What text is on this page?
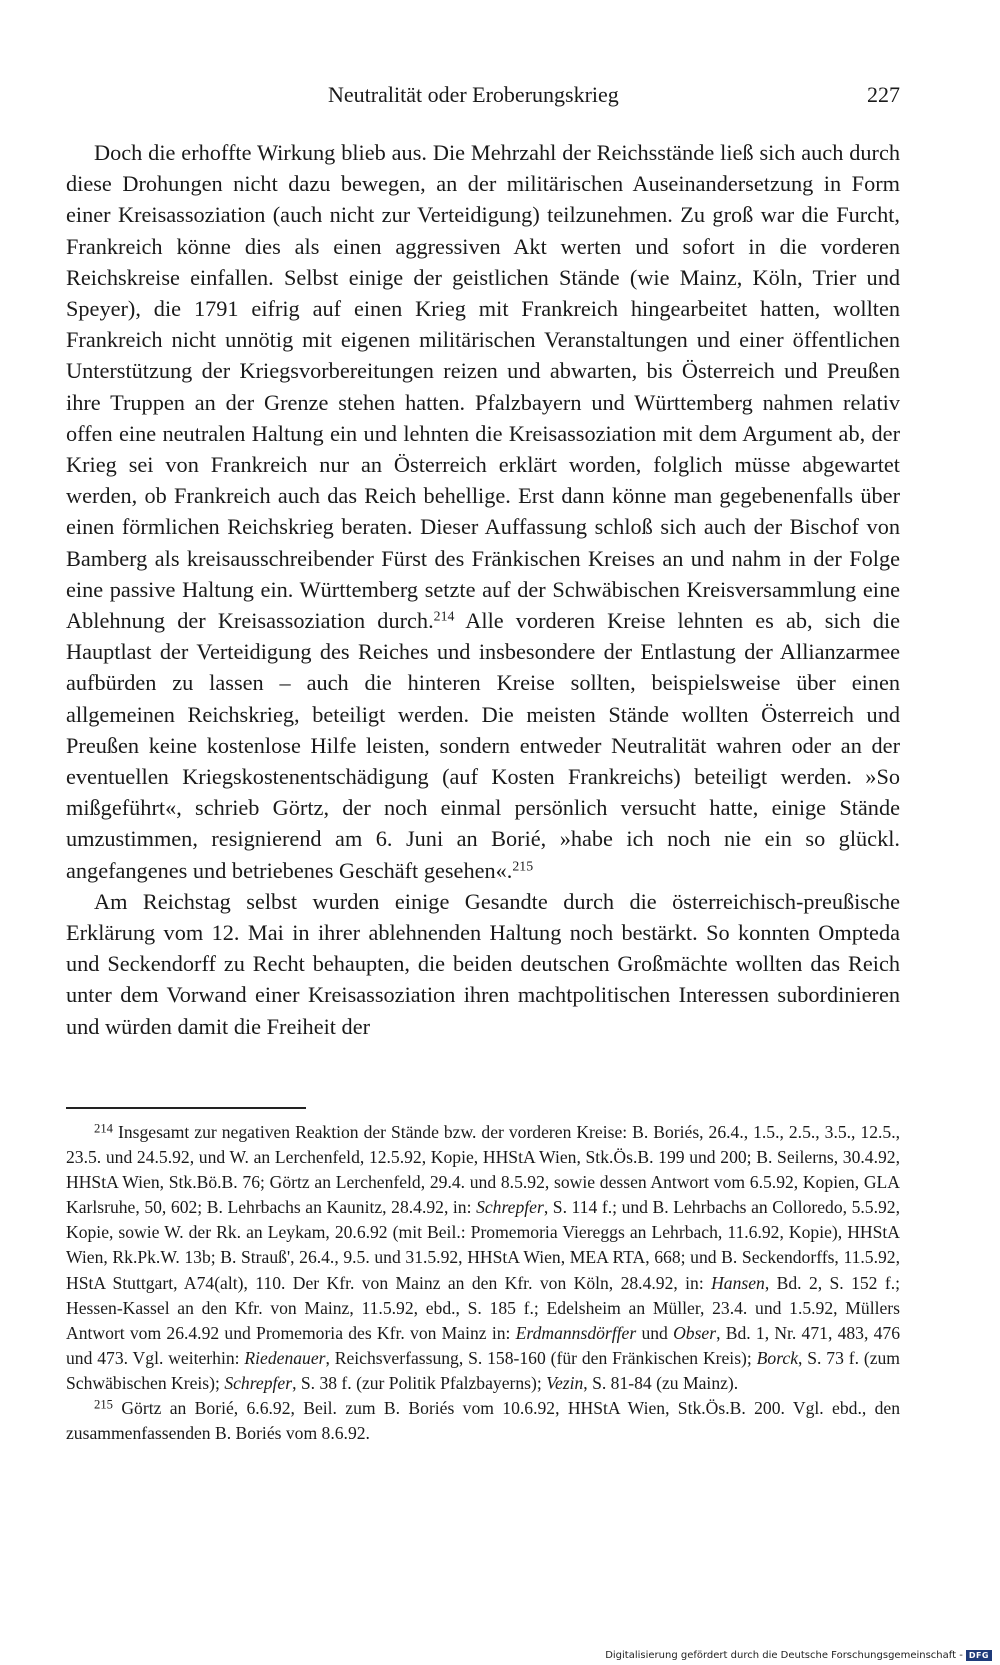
Neutralität oder Eroberungskrieg	227

Doch die erhoffte Wirkung blieb aus. Die Mehrzahl der Reichsstände ließ sich auch durch diese Drohungen nicht dazu bewegen, an der militärischen Auseinandersetzung in Form einer Kreisassoziation (auch nicht zur Verteidigung) teilzunehmen. Zu groß war die Furcht, Frankreich könne dies als einen aggressiven Akt werten und sofort in die vorderen Reichskreise einfallen. Selbst einige der geistlichen Stände (wie Mainz, Köln, Trier und Speyer), die 1791 eifrig auf einen Krieg mit Frankreich hingearbeitet hatten, wollten Frankreich nicht unnötig mit eigenen militärischen Veranstaltungen und einer öffentlichen Unterstützung der Kriegsvorbereitungen reizen und abwarten, bis Österreich und Preußen ihre Truppen an der Grenze stehen hatten. Pfalzbayern und Württemberg nahmen relativ offen eine neutralen Haltung ein und lehnten die Kreisassoziation mit dem Argument ab, der Krieg sei von Frankreich nur an Österreich erklärt worden, folglich müsse abgewartet werden, ob Frankreich auch das Reich behellige. Erst dann könne man gegebenenfalls über einen förmlichen Reichskrieg beraten. Dieser Auffassung schloß sich auch der Bischof von Bamberg als kreisausschreibender Fürst des Fränkischen Kreises an und nahm in der Folge eine passive Haltung ein. Württemberg setzte auf der Schwäbischen Kreisversammlung eine Ablehnung der Kreisassoziation durch.$^{214}$ Alle vorderen Kreise lehnten es ab, sich die Hauptlast der Verteidigung des Reiches und insbesondere der Entlastung der Allianzarmee aufbürden zu lassen – auch die hinteren Kreise sollten, beispielsweise über einen allgemeinen Reichskrieg, beteiligt werden. Die meisten Stände wollten Österreich und Preußen keine kostenlose Hilfe leisten, sondern entweder Neutralität wahren oder an der eventuellen Kriegskostenentschädigung (auf Kosten Frankreichs) beteiligt werden. »So mißgeführt«, schrieb Görtz, der noch einmal persönlich versucht hatte, einige Stände umzustimmen, resignierend am 6. Juni an Borié, »habe ich noch nie ein so glückl. angefangenes und betriebenes Geschäft gesehen«.$^{215}$

Am Reichstag selbst wurden einige Gesandte durch die österreichisch-preußische Erklärung vom 12. Mai in ihrer ablehnenden Haltung noch bestärkt. So konnten Ompteda und Seckendorff zu Recht behaupten, die beiden deutschen Großmächte wollten das Reich unter dem Vorwand einer Kreisassoziation ihren machtpolitischen Interessen subordinieren und würden damit die Freiheit der

$^{214}$ Insgesamt zur negativen Reaktion der Stände bzw. der vorderen Kreise: B. Boriés, 26.4., 1.5., 2.5., 3.5., 12.5., 23.5. und 24.5.92, und W. an Lerchenfeld, 12.5.92, Kopie, HHStA Wien, Stk.Ös.B. 199 und 200; B. Seilerns, 30.4.92, HHStA Wien, Stk.Bö.B. 76; Görtz an Lerchenfeld, 29.4. und 8.5.92, sowie dessen Antwort vom 6.5.92, Kopien, GLA Karlsruhe, 50, 602; B. Lehrbachs an Kaunitz, 28.4.92, in: Schrepfer, S. 114 f.; und B. Lehrbachs an Colloredo, 5.5.92, Kopie, sowie W. der Rk. an Leykam, 20.6.92 (mit Beil.: Promemoria Viereggs an Lehrbach, 11.6.92, Kopie), HHStA Wien, Rk.Pk.W. 13b; B. Strauß', 26.4., 9.5. und 31.5.92, HHStA Wien, MEA RTA, 668; und B. Seckendorffs, 11.5.92, HStA Stuttgart, A74(alt), 110. Der Kfr. von Mainz an den Kfr. von Köln, 28.4.92, in: Hansen, Bd. 2, S. 152 f.; Hessen-Kassel an den Kfr. von Mainz, 11.5.92, ebd., S. 185 f.; Edelsheim an Müller, 23.4. und 1.5.92, Müllers Antwort vom 26.4.92 und Promemoria des Kfr. von Mainz in: Erdmannsdörffer und Obser, Bd. 1, Nr. 471, 483, 476 und 473. Vgl. weiterhin: Riedenauer, Reichsverfassung, S. 158-160 (für den Fränkischen Kreis); Borck, S. 73 f. (zum Schwäbischen Kreis); Schrepfer, S. 38 f. (zur Politik Pfalzbayerns); Vezin, S. 81-84 (zu Mainz).

$^{215}$ Görtz an Borié, 6.6.92, Beil. zum B. Boriés vom 10.6.92, HHStA Wien, Stk.Ös.B. 200. Vgl. ebd., den zusammenfassenden B. Boriés vom 8.6.92.

Digitalisierung gefördert durch die Deutsche Forschungsgemeinschaft - DFG
